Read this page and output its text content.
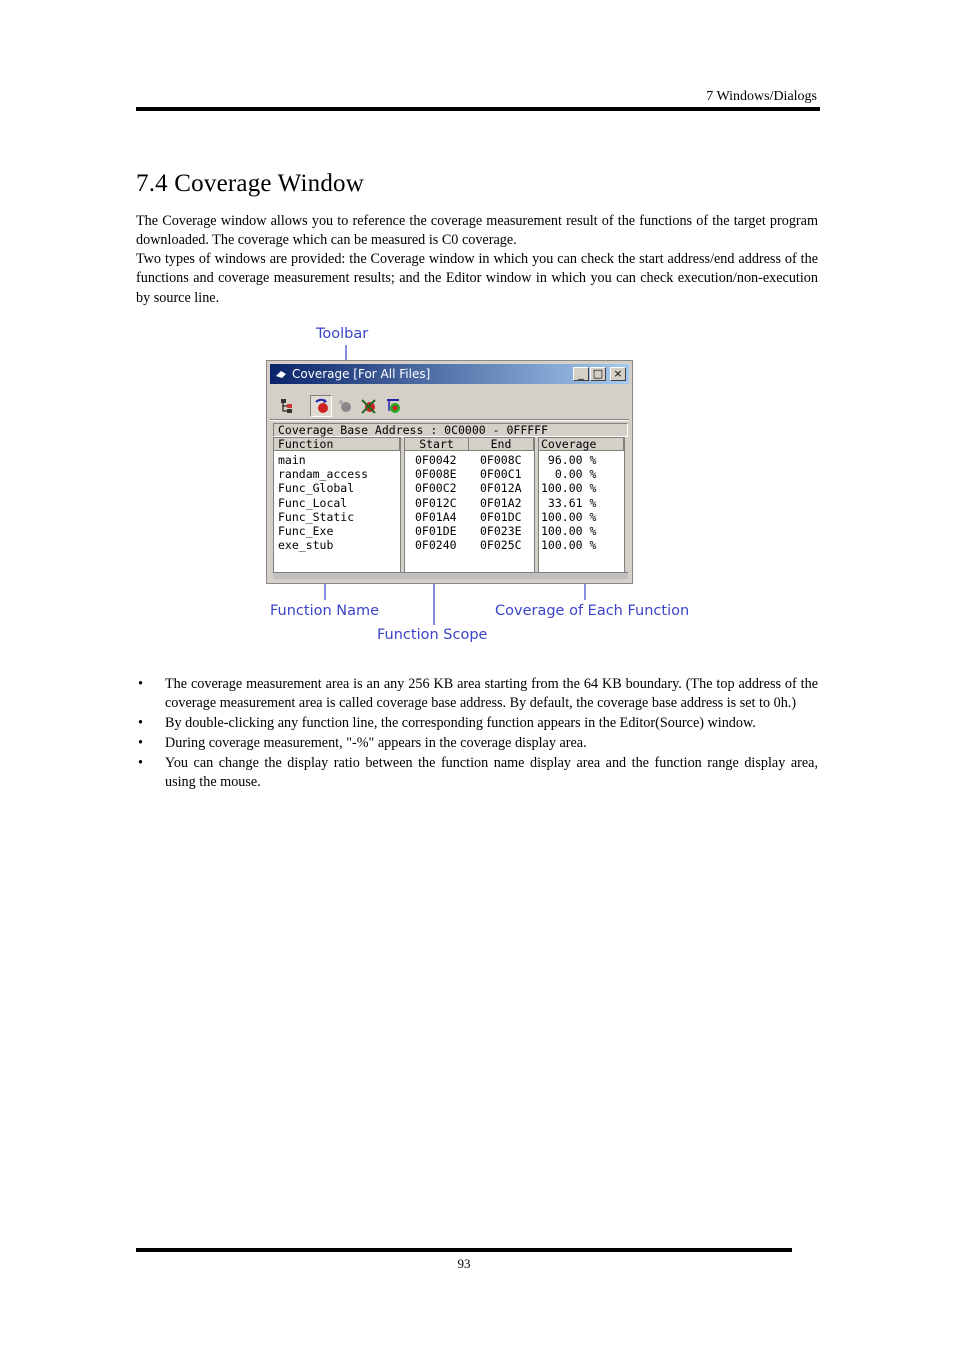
7 Windows/Dialogs
7.4 Coverage Window

The Coverage window allows you to reference the coverage measurement result of the functions of the target program downloaded. The coverage which can be measured is C0 coverage.

Two types of windows are provided: the Coverage window in which you can check the start address/end address of the functions and coverage measurement results; and the Editor window in which you can check execution/non-execution by source line.

Toolbar
Function Name
Function Scope
Coverage of Each Function
Coverage [For All Files]	_ □ ×
Coverage Base Address : 0C0000 - 0FFFFF
Function
main
randam_access
Func_Global
Func_Local
Func_Static
Func_Exe
exe_stub
Start	End
0F0042 0F008C
0F008E 0F00C1
0F00C2 0F012A
0F012C 0F01A2
0F01A4 0F01DC
0F01DE 0F023E
0F0240 0F025C
Coverage
96.00 %
0.00 %
100.00 %
33.61 %
100.00 %
100.00 %
100.00 %
• The coverage measurement area is an any 256 KB area starting from the 64 KB boundary. (The top address of the coverage measurement area is called coverage base address. By default, the coverage base address is set to 0h.)
• By double-clicking any function line, the corresponding function appears in the Editor(Source) window.
• During coverage measurement, "-%" appears in the coverage display area.
• You can change the display ratio between the function name display area and the function range display area, using the mouse.
93
